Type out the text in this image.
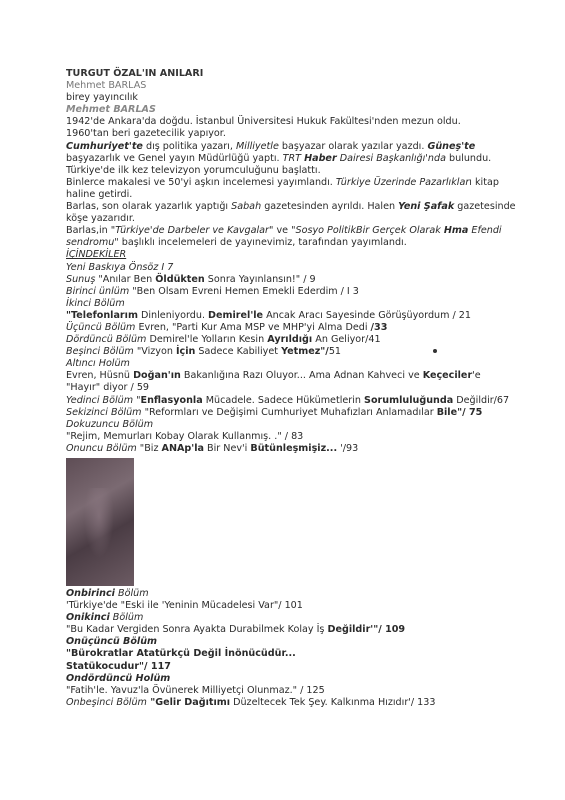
TURGUT ÖZAL'IN ANILARI
Mehmet BARLAS
birey yayıncılık
Mehmet BARLAS
1942'de Ankara'da doğdu. İstanbul Üniversitesi Hukuk Fakültesi'nden mezun oldu.
1960'tan beri gazetecilik yapıyor.
Cumhuriyet'te dış politika yazarı, Milliyetle başyazar olarak yazılar yazdı. Güneş'te
başyazarlık ve Genel yayın Müdürlüğü yaptı. TRT Haber Dairesi Başkanlığı'nda bulundu.
Türkiye'de ilk kez televizyon yorumculuğunu başlattı.
Binlerce makalesi ve 50'yi aşkın incelemesi yayımlandı. Türkiye Üzerinde Pazarlıkları kitap
haline getirdi.
Barlas, son olarak yazarlık yaptığı Sabah gazetesinden ayrıldı. Halen Yeni Şafak gazetesinde
köşe yazarıdır.
Barlas,in "Türkiye'de Darbeler ve Kavgalar" ve "Sosyo PolitikBir Gerçek Olarak Hma Efendi
sendromu" başlıklı incelemeleri de yayınevimiz, tarafından yayımlandı.
İÇİNDEKİLER
Yeni Baskıya Önsöz I 7
Sunuş "Anılar Ben Öldükten Sonra Yayınlansın!" / 9
Birinci ünlüm "Ben Olsam Evreni Hemen Emekli Ederdim / I 3
İkinci Bölüm
"Telefonlarım Dinleniyordu. Demirel'le Ancak Aracı Sayesinde Görüşüyordum / 21
Üçüncü Bölüm Evren, "Parti Kur Ama MSP ve MHP'yi Alma Dedi /33
Dördüncü Bölüm Demirel'le Yolların Kesin Ayrıldığı An Geliyor/41
Beşinci Bölüm "Vizyon İçin Sadece Kabiliyet Yetmez"/51
Altıncı Holüm
Evren, Hüsnü Doğan'ın Bakanlığına Razı Oluyor... Ama Adnan Kahveci ve Keçeciler'e
"Hayır" diyor / 59
Yedinci Bölüm "Enflasyonla Mücadele. Sadece Hükümetlerin Sorumluluğunda Değildir/67
Sekizinci Bölüm "Reformları ve Değişimi Cumhuriyet Muhafızları Anlamadılar Bile"/ 75
Dokuzuncu Bölüm
"Rejim, Memurları Kobay Olarak Kullanmış. ." / 83
Onuncu Bölüm "Biz ANAp'la Bir Nev'i Bütünleşmişiz... '/93
Onbirinci Bölüm
'Türkiye'de "Eski ile 'Yeninin Mücadelesi Var"/ 101
Onikinci Bölüm
"Bu Kadar Vergiden Sonra Ayakta Durabilmek Kolay İş Değildir'"/ 109
Onüçüncü Bölüm
"Bürokratlar Atatürkçü Değil İnönücüdür...
Statükocudur"/ 117
Ondördüncü Holüm
"Fatih'le. Yavuz'la Övünerek Milliyetçi Olunmaz." / 125
Onbeşinci Bölüm "Gelir Dağıtımı Düzeltecek Tek Şey. Kalkınma Hızıdır'/ 133
